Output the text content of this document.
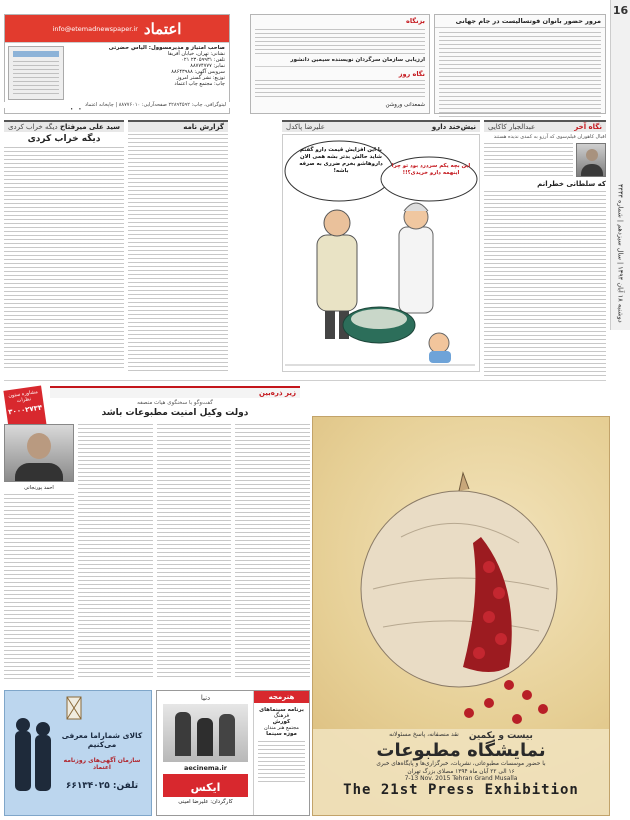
16
دوشنبه ۱۸ آبان ۱۳۹۴ | سال سیزدهم | شماره ۳۴۳۴
مرور حضور بانوان فوتسالیست در جام جهانی
بزنگاه
ارزیابی سازمان سرگردان نویسنده سیمین دانشور
نگاه روز
شمعدانی وروشن
اعتماد
info@etemadnewspaper.ir
صاحب امتیاز و مدیرمسوول: الیاس حضرتی
نشانی: تهران، خیابان آفریقا
تلفن: ۲۳۰۵۹۹۳۱ ۰۲۱
نمابر: ۸۸۷۷۴۷۷۷
سرویس آگهی: ۸۸۶۴۳۹۸۸
توزیع: نشر گستر امروز
چاپ: مجتمع چاپ اعتماد
لیتوگرافی، چاپ: ۲۲۸۹۴۵۹۲ صفحه‌آرایی: ۸۸۷۷۶۰۱۰ | چاپخانه اعتماد
نگاه آخر
عبدالجبار کاکایی
نیش‌خند دارو
علیرضا پاکدل
سید علی میرفتاح
دیگه خراب کردی	گزارش نامه
اقبال کاهوران فیلم‌سوی که آرزو به کمدی ندیده هستند
که سلطانی خطرانم
با این افزایش قیمت دارو گفتم شاید حالش بدتر بشه همی الان داروهاشو بخرم ضرری به صرفه باشه!
این بچه یکم سردرد بود تو چرا اینهمه دارو خریدی؟!!
دیگه خراب کردی
مشاوره ستون نظرات
۳۰۰۰۲۷۳۴
زیر ذره‌بین
گفت‌وگو با سخنگوی هیات منصفه
دولت وکیل امنیت مطبوعات باشد
احمد پورنجاتی
بیست و یکمین
نقد منصفانه، پاسخ مسئولانه
نمایشگاه مطبوعات
با حضور موسسات مطبوعاتی، نشریات، خبرگزاری‌ها و پایگاه‌های خبری
۱۶ الی ۲۲ آبان ماه ۱۳۹۴ مصلای بزرگ تهران
7-13 Nov. 2015 Tehran Grand Musalla
The 21st Press Exhibition
کالای شماراما معرفی می‌کنیم
سازمان آگهی‌های روزنامه اعتماد
تلفن: ۶۶۱۳۴۰۲۵
هنرمجه
برنامه سینماهای
فرهنگ
کورش
مجتمع هنر مندان
موزه سینما
دنیا
aecinema.ir
ایکس
کارگردان: علیرضا امینی
